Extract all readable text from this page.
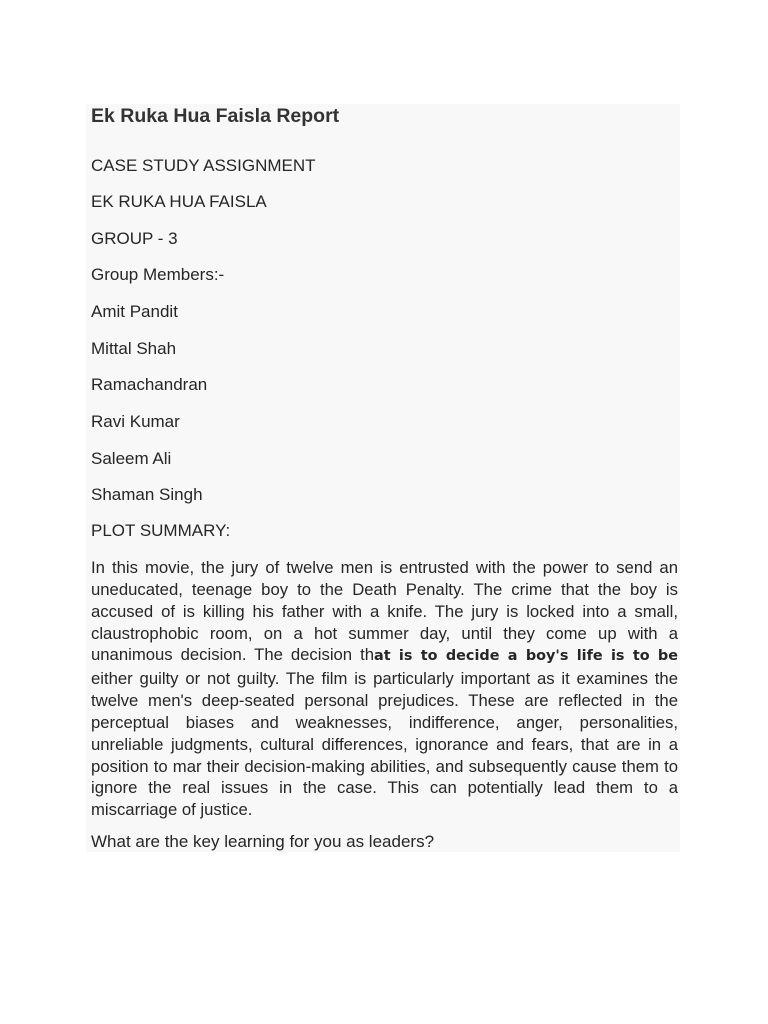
Ek Ruka Hua Faisla Report

CASE STUDY ASSIGNMENT

EK RUKA HUA FAISLA

GROUP - 3

Group Members:-

Amit Pandit

Mittal Shah

Ramachandran

Ravi Kumar

Saleem Ali

Shaman Singh

PLOT SUMMARY:

In this movie, the jury of twelve men is entrusted with the power to send an uneducated, teenage boy to the Death Penalty. The crime that the boy is accused of is killing his father with a knife. The jury is locked into a small, claustrophobic room, on a hot summer day, until they come up with a unanimous decision. The decision that is to decide a boy's life is to be either guilty or not guilty. The film is particularly important as it examines the twelve men's deep-seated personal prejudices. These are reflected in the perceptual biases and weaknesses, indifference, anger, personalities, unreliable judgments, cultural differences, ignorance and fears, that are in a position to mar their decision-making abilities, and subsequently cause them to ignore the real issues in the case. This can potentially lead them to a miscarriage of justice.

What are the key learning for you as leaders?
